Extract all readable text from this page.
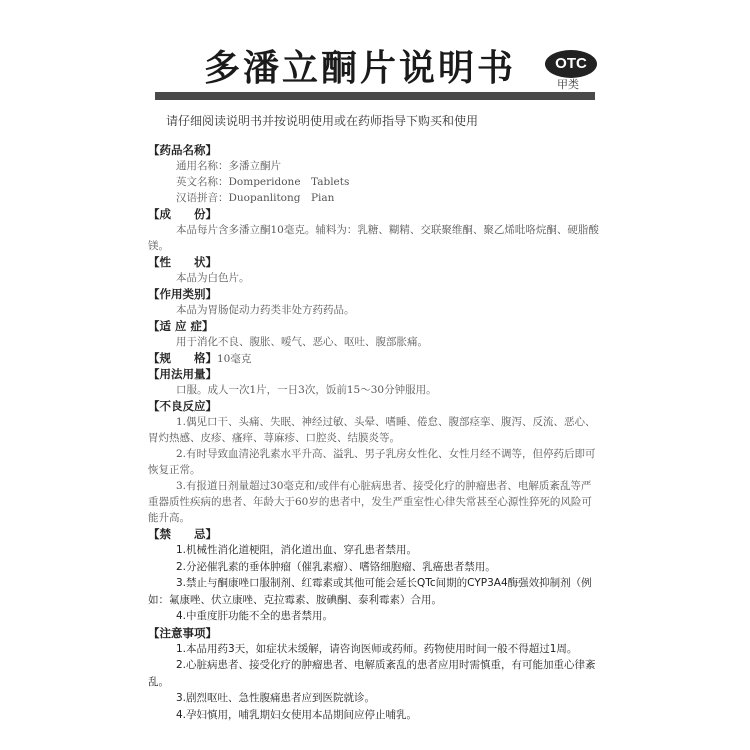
多潘立酮片说明书	OTC
甲类
请仔细阅读说明书并按说明使用或在药师指导下购买和使用
【药品名称】
通用名称：多潘立酮片
英文名称：Domperidone　Tablets
汉语拼音：Duopanlitong　Pian
【成　　份】
本品每片含多潘立酮10毫克。辅料为：乳糖、糊精、交联聚维酮、聚乙烯吡咯烷酮、硬脂酸镁。
【性　　状】
本品为白色片。
【作用类别】
本品为胃肠促动力药类非处方药药品。
【适 应 症】
用于消化不良、腹胀、嗳气、恶心、呕吐、腹部胀痛。
【规　　格】10毫克
【用法用量】
口服。成人一次1片，一日3次，饭前15～30分钟服用。
【不良反应】
1.偶见口干、头痛、失眠、神经过敏、头晕、嗜睡、倦怠、腹部痉挛、腹泻、反流、恶心、胃灼热感、皮疹、瘙痒、荨麻疹、口腔炎、结膜炎等。
2.有时导致血清泌乳素水平升高、溢乳、男子乳房女性化、女性月经不调等，但停药后即可恢复正常。
3.有报道日剂量超过30毫克和/或伴有心脏病患者、接受化疗的肿瘤患者、电解质紊乱等严重器质性疾病的患者、年龄大于60岁的患者中，发生严重室性心律失常甚至心源性猝死的风险可能升高。
【禁　　忌】
1.机械性消化道梗阻，消化道出血、穿孔患者禁用。
2.分泌催乳素的垂体肿瘤（催乳素瘤）、嗜铬细胞瘤、乳癌患者禁用。
3.禁止与酮康唑口服制剂、红霉素或其他可能会延长QTc间期的CYP3A4酶强效抑制剂（例如：氟康唑、伏立康唑、克拉霉素、胺碘酮、泰利霉素）合用。
4.中重度肝功能不全的患者禁用。
【注意事项】
1.本品用药3天，如症状未缓解，请咨询医师或药师。药物使用时间一般不得超过1周。
2.心脏病患者、接受化疗的肿瘤患者、电解质紊乱的患者应用时需慎重，有可能加重心律紊乱。
3.剧烈呕吐、急性腹痛患者应到医院就诊。
4.孕妇慎用，哺乳期妇女使用本品期间应停止哺乳。
